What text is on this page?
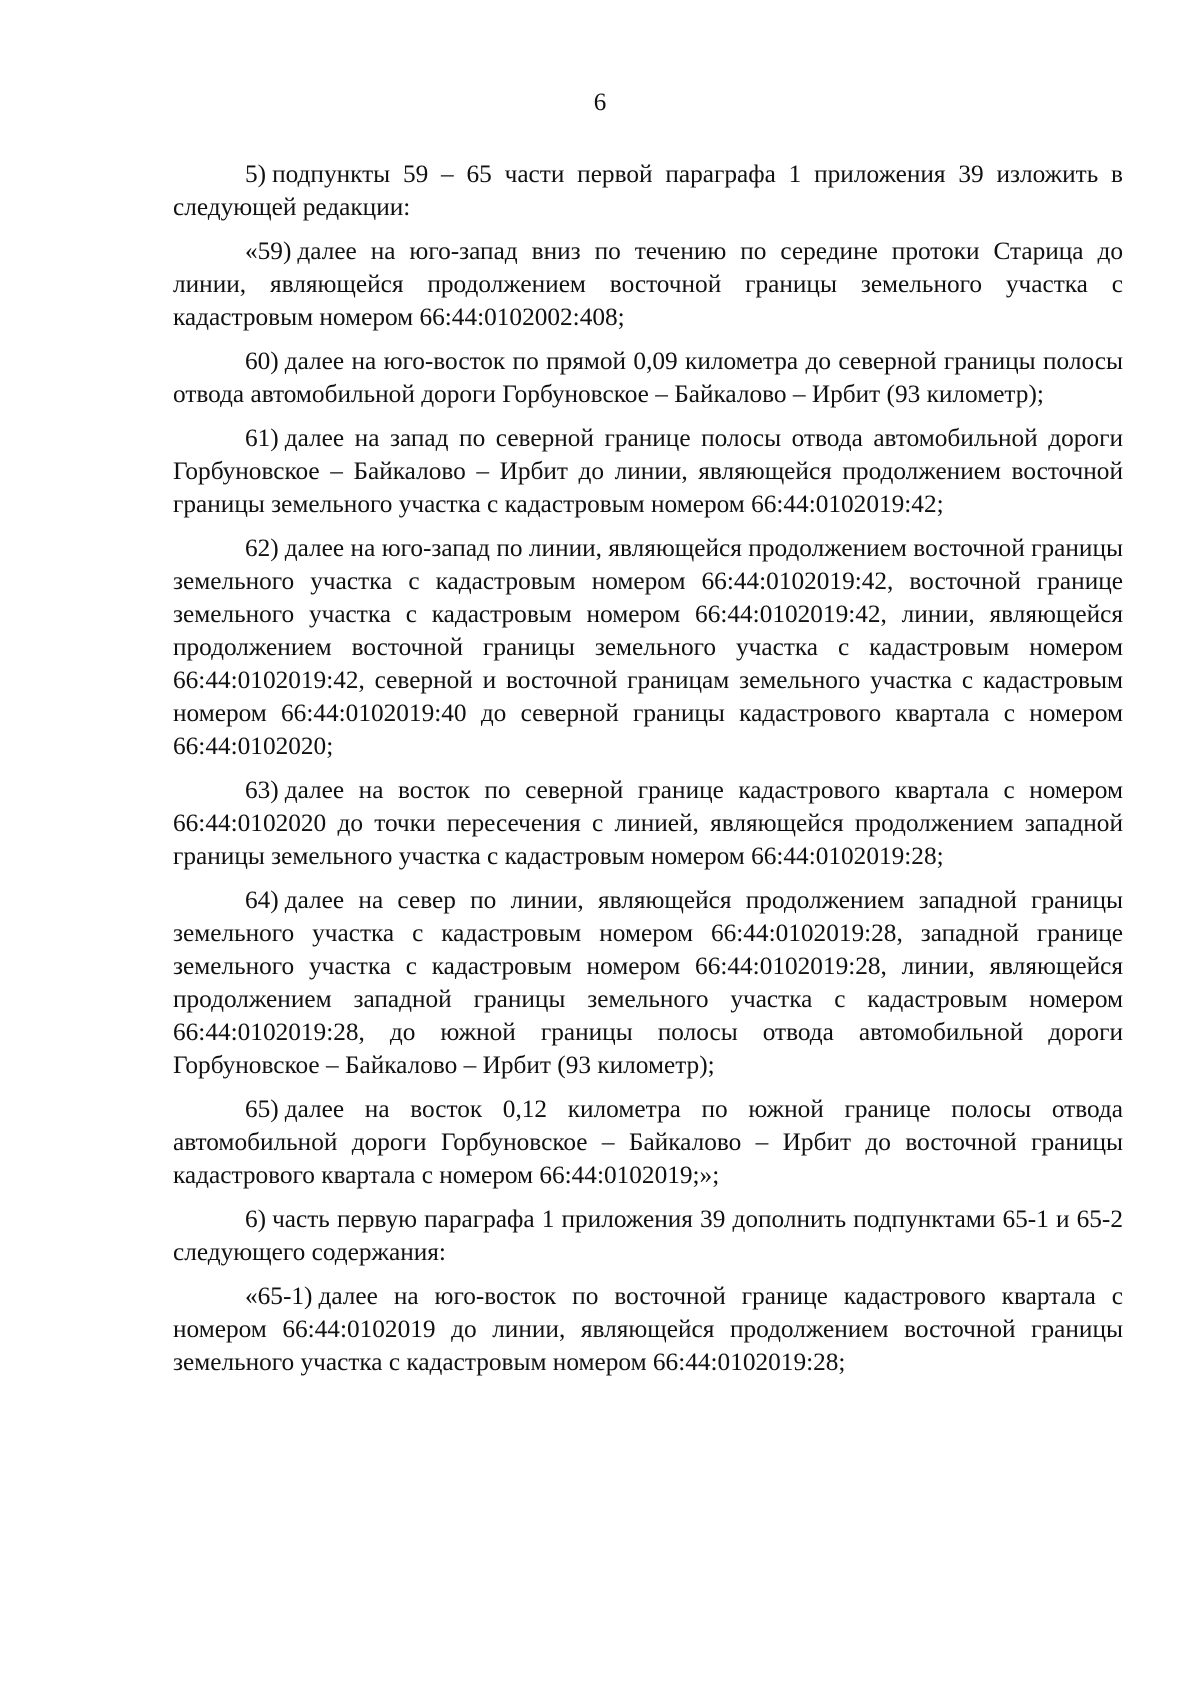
6

5) подпункты 59 – 65 части первой параграфа 1 приложения 39 изложить в следующей редакции:

«59) далее на юго-запад вниз по течению по середине протоки Старица до линии, являющейся продолжением восточной границы земельного участка с кадастровым номером 66:44:0102002:408;

60) далее на юго-восток по прямой 0,09 километра до северной границы полосы отвода автомобильной дороги Горбуновское – Байкалово – Ирбит (93 километр);

61) далее на запад по северной границе полосы отвода автомобильной дороги Горбуновское – Байкалово – Ирбит до линии, являющейся продолжением восточной границы земельного участка с кадастровым номером 66:44:0102019:42;

62) далее на юго-запад по линии, являющейся продолжением восточной границы земельного участка с кадастровым номером 66:44:0102019:42, восточной границе земельного участка с кадастровым номером 66:44:0102019:42, линии, являющейся продолжением восточной границы земельного участка с кадастровым номером 66:44:0102019:42, северной и восточной границам земельного участка с кадастровым номером 66:44:0102019:40 до северной границы кадастрового квартала с номером 66:44:0102020;

63) далее на восток по северной границе кадастрового квартала с номером 66:44:0102020 до точки пересечения с линией, являющейся продолжением западной границы земельного участка с кадастровым номером 66:44:0102019:28;

64) далее на север по линии, являющейся продолжением западной границы земельного участка с кадастровым номером 66:44:0102019:28, западной границе земельного участка с кадастровым номером 66:44:0102019:28, линии, являющейся продолжением западной границы земельного участка с кадастровым номером 66:44:0102019:28, до южной границы полосы отвода автомобильной дороги Горбуновское – Байкалово – Ирбит (93 километр);

65) далее на восток 0,12 километра по южной границе полосы отвода автомобильной дороги Горбуновское – Байкалово – Ирбит до восточной границы кадастрового квартала с номером 66:44:0102019;»;

6) часть первую параграфа 1 приложения 39 дополнить подпунктами 65-1 и 65-2 следующего содержания:

«65-1) далее на юго-восток по восточной границе кадастрового квартала с номером 66:44:0102019 до линии, являющейся продолжением восточной границы земельного участка с кадастровым номером 66:44:0102019:28;
